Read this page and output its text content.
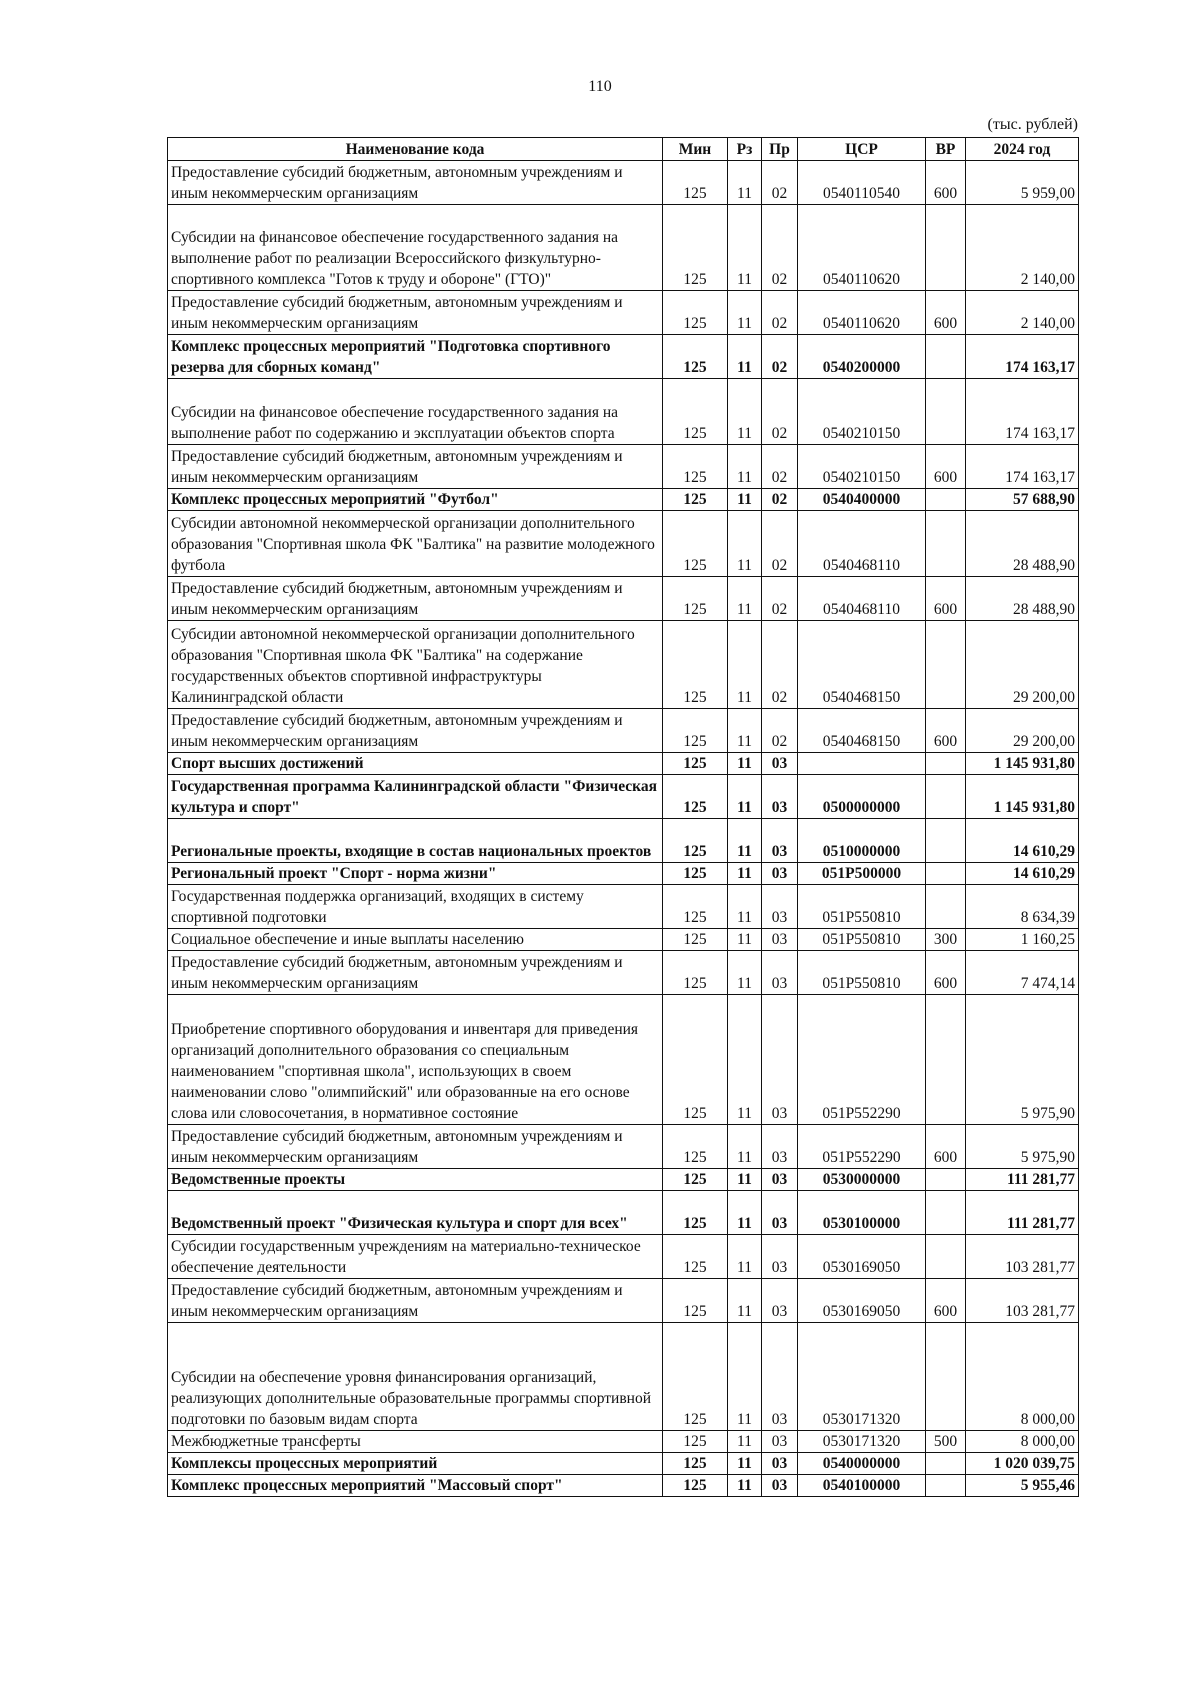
110
(тыс. рублей)
Наименование кода	Мин	Рз	Пр	ЦСР	ВР	2024 год
Предоставление субсидий бюджетным, автономным учреждениям и иным некоммерческим организациям	125	11	02	0540110540	600	5 959,00
Субсидии на финансовое обеспечение государственного задания на выполнение работ по реализации Всероссийского физкультурно-спортивного комплекса "Готов к труду и обороне" (ГТО)"	125	11	02	0540110620		2 140,00
Предоставление субсидий бюджетным, автономным учреждениям и иным некоммерческим организациям	125	11	02	0540110620	600	2 140,00
Комплекс процессных мероприятий "Подготовка спортивного резерва для сборных команд"	125	11	02	0540200000		174 163,17
Субсидии на финансовое обеспечение государственного задания на выполнение работ по содержанию и эксплуатации объектов спорта	125	11	02	0540210150		174 163,17
Предоставление субсидий бюджетным, автономным учреждениям и иным некоммерческим организациям	125	11	02	0540210150	600	174 163,17
Комплекс процессных мероприятий "Футбол"	125	11	02	0540400000		57 688,90
Субсидии автономной некоммерческой организации дополнительного образования "Спортивная школа ФК "Балтика" на развитие молодежного футбола	125	11	02	0540468110		28 488,90
Предоставление субсидий бюджетным, автономным учреждениям и иным некоммерческим организациям	125	11	02	0540468110	600	28 488,90
Субсидии автономной некоммерческой организации дополнительного образования "Спортивная школа ФК "Балтика" на содержание государственных объектов спортивной инфраструктуры Калининградской области	125	11	02	0540468150		29 200,00
Предоставление субсидий бюджетным, автономным учреждениям и иным некоммерческим организациям	125	11	02	0540468150	600	29 200,00
Спорт высших достижений	125	11	03			1 145 931,80
Государственная программа Калининградской области "Физическая культура и спорт"	125	11	03	0500000000		1 145 931,80
Региональные проекты, входящие в состав национальных проектов	125	11	03	0510000000		14 610,29
Региональный проект "Спорт - норма жизни"	125	11	03	051P500000		14 610,29
Государственная поддержка организаций, входящих в систему спортивной подготовки	125	11	03	051P550810		8 634,39
Социальное обеспечение и иные выплаты населению	125	11	03	051P550810	300	1 160,25
Предоставление субсидий бюджетным, автономным учреждениям и иным некоммерческим организациям	125	11	03	051P550810	600	7 474,14
Приобретение спортивного оборудования и инвентаря для приведения организаций дополнительного образования со специальным наименованием "спортивная школа", использующих в своем наименовании слово "олимпийский" или образованные на его основе слова или словосочетания, в нормативное состояние	125	11	03	051P552290		5 975,90
Предоставление субсидий бюджетным, автономным учреждениям и иным некоммерческим организациям	125	11	03	051P552290	600	5 975,90
Ведомственные проекты	125	11	03	0530000000		111 281,77
Ведомственный проект "Физическая культура и спорт для всех"	125	11	03	0530100000		111 281,77
Субсидии государственным учреждениям на материально-техническое обеспечение деятельности	125	11	03	0530169050		103 281,77
Предоставление субсидий бюджетным, автономным учреждениям и иным некоммерческим организациям	125	11	03	0530169050	600	103 281,77
Субсидии на обеспечение уровня финансирования организаций, реализующих дополнительные образовательные программы спортивной подготовки по базовым видам спорта	125	11	03	0530171320		8 000,00
Межбюджетные трансферты	125	11	03	0530171320	500	8 000,00
Комплексы процессных мероприятий	125	11	03	0540000000		1 020 039,75
Комплекс процессных мероприятий "Массовый спорт"	125	11	03	0540100000		5 955,46
